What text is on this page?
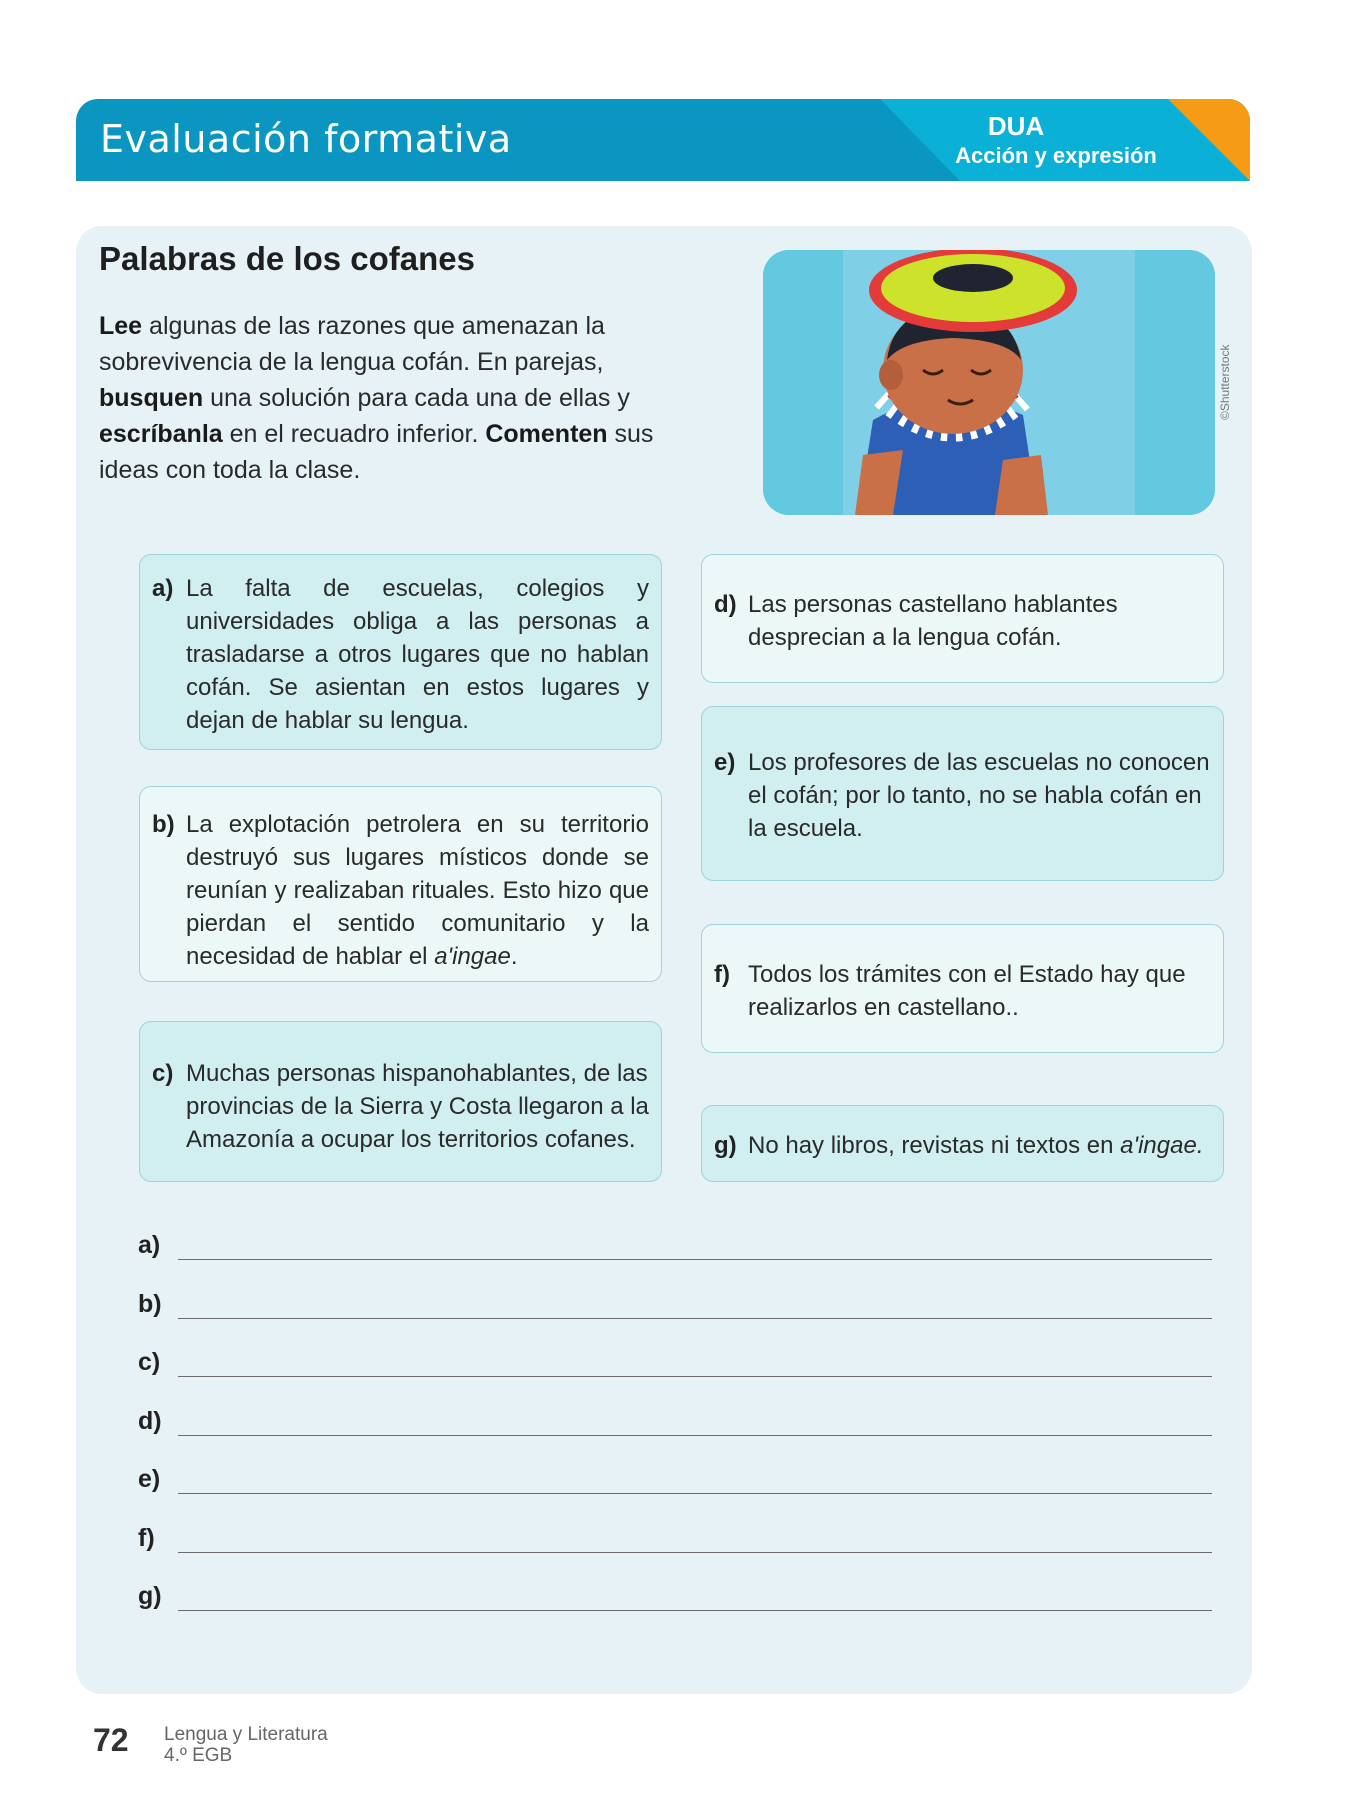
Evaluación formativa	DUA
Acción y expresión
Palabras de los cofanes

Lee algunas de las razones que amenazan la sobrevivencia de la lengua cofán. En parejas, busquen una solución para cada una de ellas y escríbanla en el recuadro inferior. Comenten sus ideas con toda la clase.

©Shutterstock
a) La falta de escuelas, colegios y universidades obliga a las personas a trasladarse a otros lugares que no hablan cofán. Se asientan en estos lugares y dejan de hablar su lengua.

b) La explotación petrolera en su territorio destruyó sus lugares místicos donde se reunían y realizaban rituales. Esto hizo que pierdan el sentido comunitario y la necesidad de hablar el a'ingae.

c) Muchas personas hispanohablantes, de las provincias de la Sierra y Costa llegaron a la Amazonía a ocupar los territorios cofanes.

d) Las personas castellano hablantes desprecian a la lengua cofán.

e) Los profesores de las escuelas no conocen el cofán; por lo tanto, no se habla cofán en la escuela.

f) Todos los trámites con el Estado hay que realizarlos en castellano..

g) No hay libros, revistas ni textos en a'ingae.

a)
b)
c)
d)
e)
f)
g)
72 Lengua y Literatura
4.º EGB
